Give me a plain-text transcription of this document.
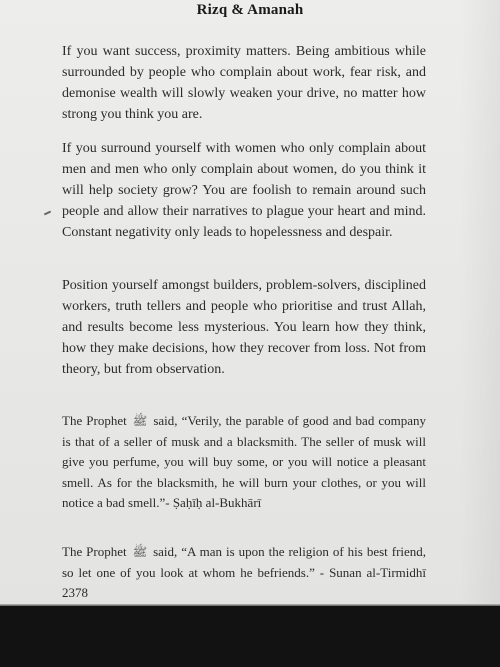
Rizq & Amanah

If you want success, proximity matters. Being ambitious while surrounded by people who complain about work, fear risk, and demonise wealth will slowly weaken your drive, no matter how strong you think you are.

If you surround yourself with women who only complain about men and men who only complain about women, do you think it will help society grow? You are foolish to remain around such people and allow their narratives to plague your heart and mind. Constant negativity only leads to hopelessness and despair.

Position yourself amongst builders, problem-solvers, disciplined workers, truth tellers and people who prioritise and trust Allah, and results become less mysterious. You learn how they think, how they make decisions, how they recover from loss. Not from theory, but from observation.

The Prophet ﷺ said, “Verily, the parable of good and bad company is that of a seller of musk and a blacksmith. The seller of musk will give you perfume, you will buy some, or you will notice a pleasant smell. As for the blacksmith, he will burn your clothes, or you will notice a bad smell.”- Ṣaḥīḥ al-Bukhārī

The Prophet ﷺ said, “A man is upon the religion of his best friend, so let one of you look at whom he befriends.” - Sunan al-Tirmidhī 2378
